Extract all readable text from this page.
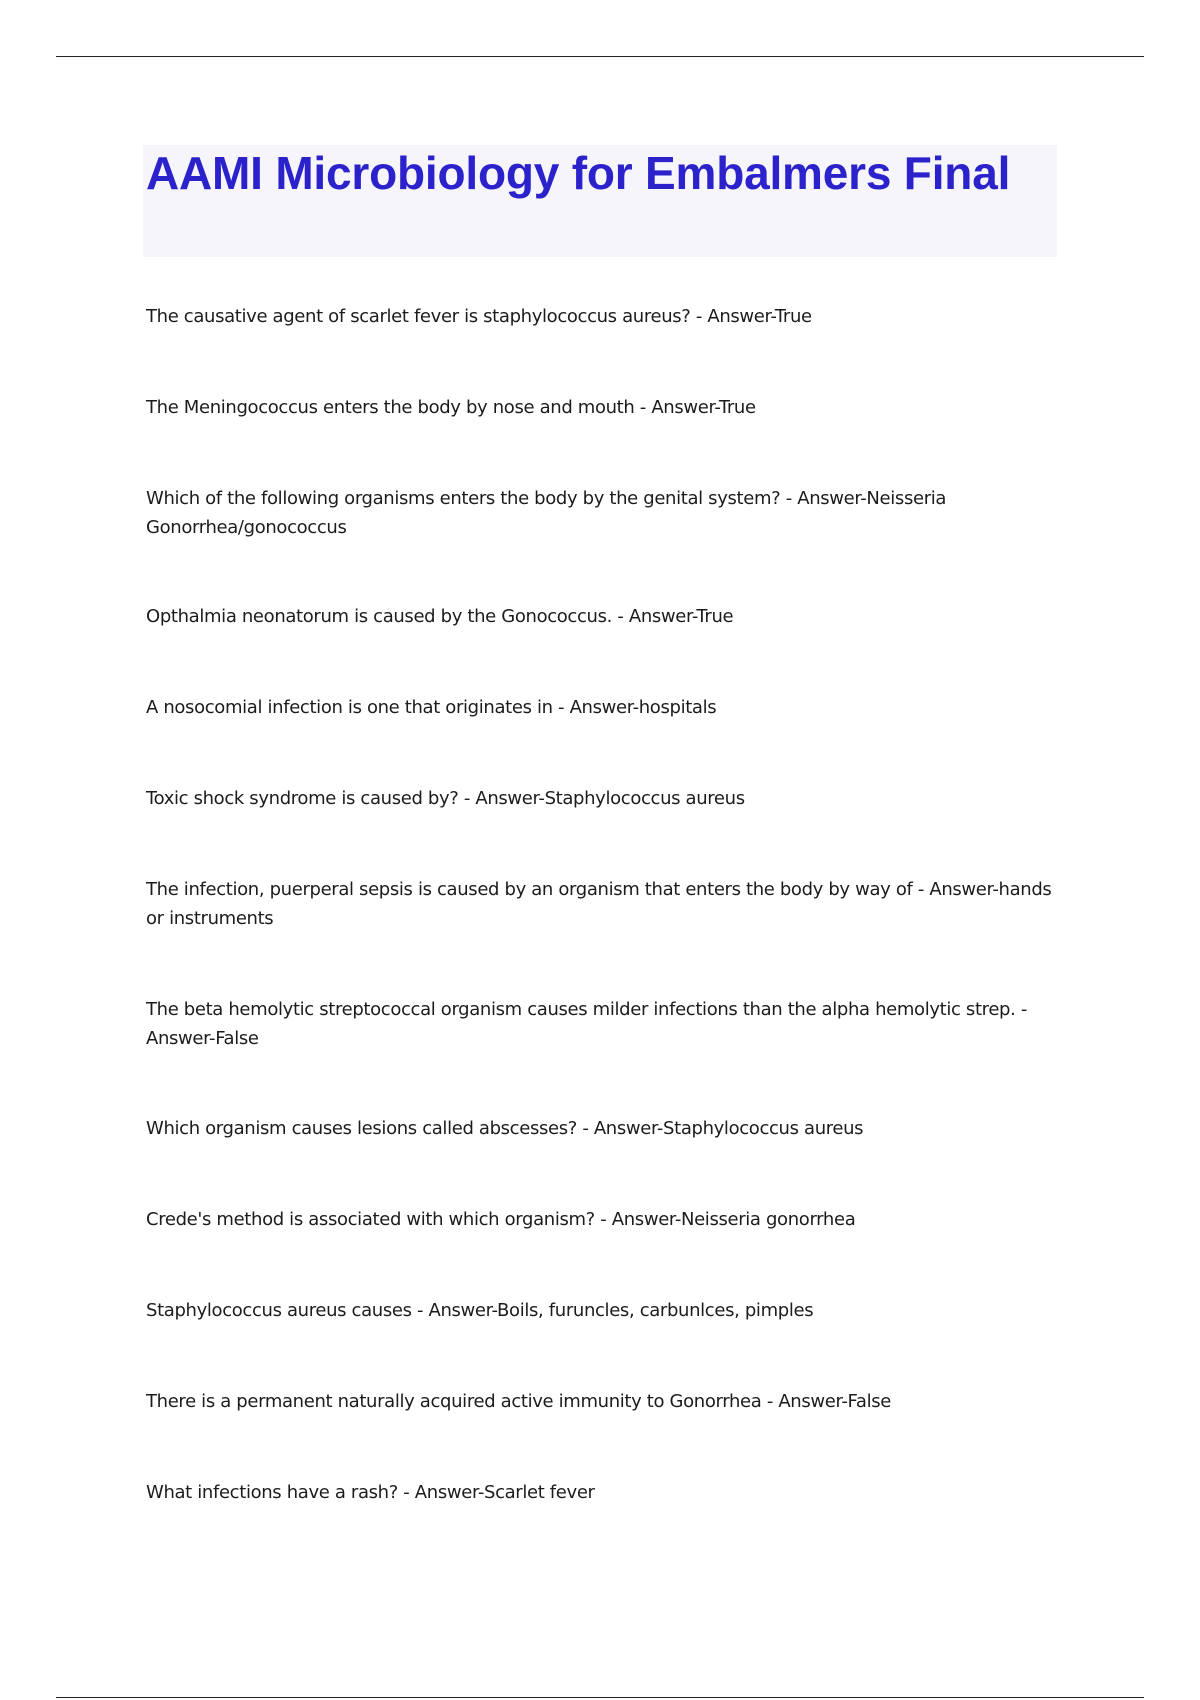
AAMI Microbiology for Embalmers Final

The causative agent of scarlet fever is staphylococcus aureus? - Answer-True

The Meningococcus enters the body by nose and mouth - Answer-True

Which of the following organisms enters the body by the genital system? - Answer-Neisseria Gonorrhea/gonococcus

Opthalmia neonatorum is caused by the Gonococcus. - Answer-True

A nosocomial infection is one that originates in - Answer-hospitals

Toxic shock syndrome is caused by? - Answer-Staphylococcus aureus

The infection, puerperal sepsis is caused by an organism that enters the body by way of - Answer-hands or instruments

The beta hemolytic streptococcal organism causes milder infections than the alpha hemolytic strep. - Answer-False

Which organism causes lesions called abscesses? - Answer-Staphylococcus aureus

Crede's method is associated with which organism? - Answer-Neisseria gonorrhea

Staphylococcus aureus causes - Answer-Boils, furuncles, carbunlces, pimples

There is a permanent naturally acquired active immunity to Gonorrhea - Answer-False

What infections have a rash? - Answer-Scarlet fever
